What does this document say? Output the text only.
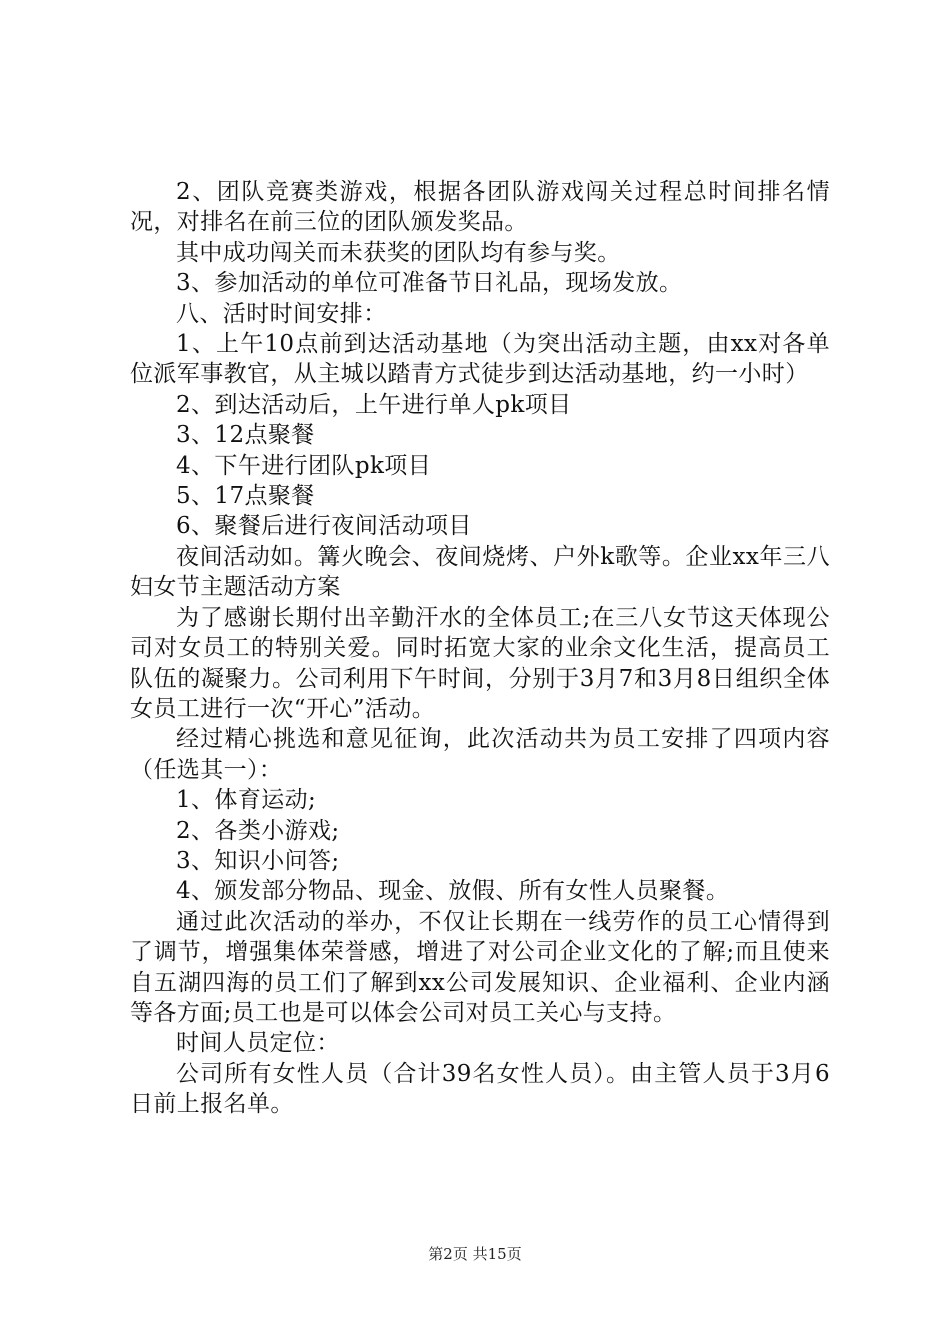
2、团队竞赛类游戏，根据各团队游戏闯关过程总时间排名情况，对排名在前三位的团队颁发奖品。

其中成功闯关而未获奖的团队均有参与奖。

3、参加活动的单位可准备节日礼品，现场发放。

八、活时时间安排：

1、上午10点前到达活动基地（为突出活动主题，由xx对各单位派军事教官，从主城以踏青方式徒步到达活动基地，约一小时）

2、到达活动后，上午进行单人pk项目

3、12点聚餐

4、下午进行团队pk项目

5、17点聚餐

6、聚餐后进行夜间活动项目

夜间活动如。篝火晚会、夜间烧烤、户外k歌等。企业xx年三八妇女节主题活动方案

为了感谢长期付出辛勤汗水的全体员工;在三八女节这天体现公司对女员工的特别关爱。同时拓宽大家的业余文化生活，提高员工队伍的凝聚力。公司利用下午时间，分别于3月7和3月8日组织全体女员工进行一次“开心”活动。

经过精心挑选和意见征询，此次活动共为员工安排了四项内容（任选其一）：

1、体育运动;

2、各类小游戏;

3、知识小问答;

4、颁发部分物品、现金、放假、所有女性人员聚餐。

通过此次活动的举办，不仅让长期在一线劳作的员工心情得到了调节，增强集体荣誉感，增进了对公司企业文化的了解;而且使来自五湖四海的员工们了解到xx公司发展知识、企业福利、企业内涵等各方面;员工也是可以体会公司对员工关心与支持。

时间人员定位：

公司所有女性人员（合计39名女性人员）。由主管人员于3月6日前上报名单。

第2页 共15页
